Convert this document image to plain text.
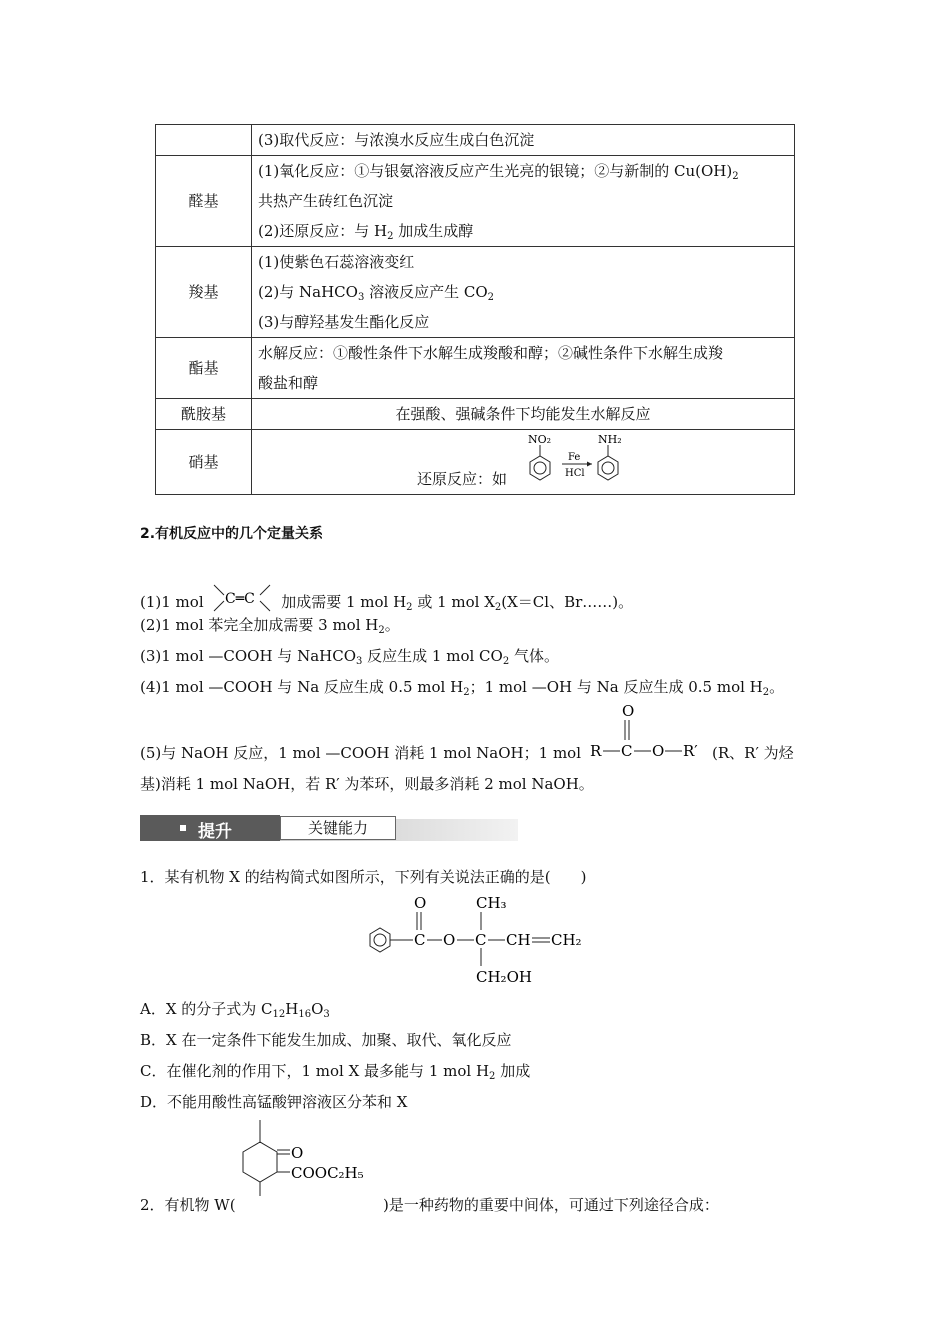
	(3)取代反应：与浓溴水反应生成白色沉淀

醛基	(1)氧化反应：①与银氨溶液反应产生光亮的银镜；②与新制的 $Cu(OH)_2$
共热产生砖红色沉淀
(2)还原反应：与 $H_2$ 加成生成醇

羧基	(1)使紫色石蕊溶液变红
(2)与 NaHCO$_3$ 溶液反应产生 $CO_2$
(3)与醇羟基发生酯化反应

酯基	水解反应：①酸性条件下水解生成羧酸和醇；②碱性条件下水解生成羧
酸盐和醇

酰胺基	在强酸、强碱条件下均能发生水解反应

硝基	还原反应：如
NO₂
Fe
HCl
NH₂
2.有机反应中的几个定量关系
(1)1 mol C═C 加成需要 1 mol $H_2$ 或 1 mol $X_2(X=Cl$、Br……)。
(2)1 mol 苯完全加成需要 3 mol $H_2$。
(3)1 mol —COOH 与 NaHCO$_3$ 反应生成 1 mol $CO_2$ 气体。
(4)1 mol —COOH 与 Na 反应生成 0.5 mol $H_2$；1 mol —OH 与 Na 反应生成 0.5 mol $H_2$。
(5)与 NaOH 反应，1 mol —COOH 消耗 1 mol NaOH；1 mol
O
R C O R′ (R、R′ 为烃
基)消耗 1 mol NaOH，若 R′ 为苯环，则最多消耗 2 mol NaOH。
提升	关键能力
1．某有机物 X 的结构简式如图所示，下列有关说法正确的是(　　)
O
C O C
CH₃
CH CH₂
CH₂OH
A．X 的分子式为 $C_{12}H_{16}O_3$
B．X 在一定条件下能发生加成、加聚、取代、氧化反应
C．在催化剂的作用下，1 mol X 最多能与 1 mol $H_2$ 加成
D．不能用酸性高锰酸钾溶液区分苯和 X
2．有机物 W(
O
COOC₂H₅
)是一种药物的重要中间体，可通过下列途径合成：
